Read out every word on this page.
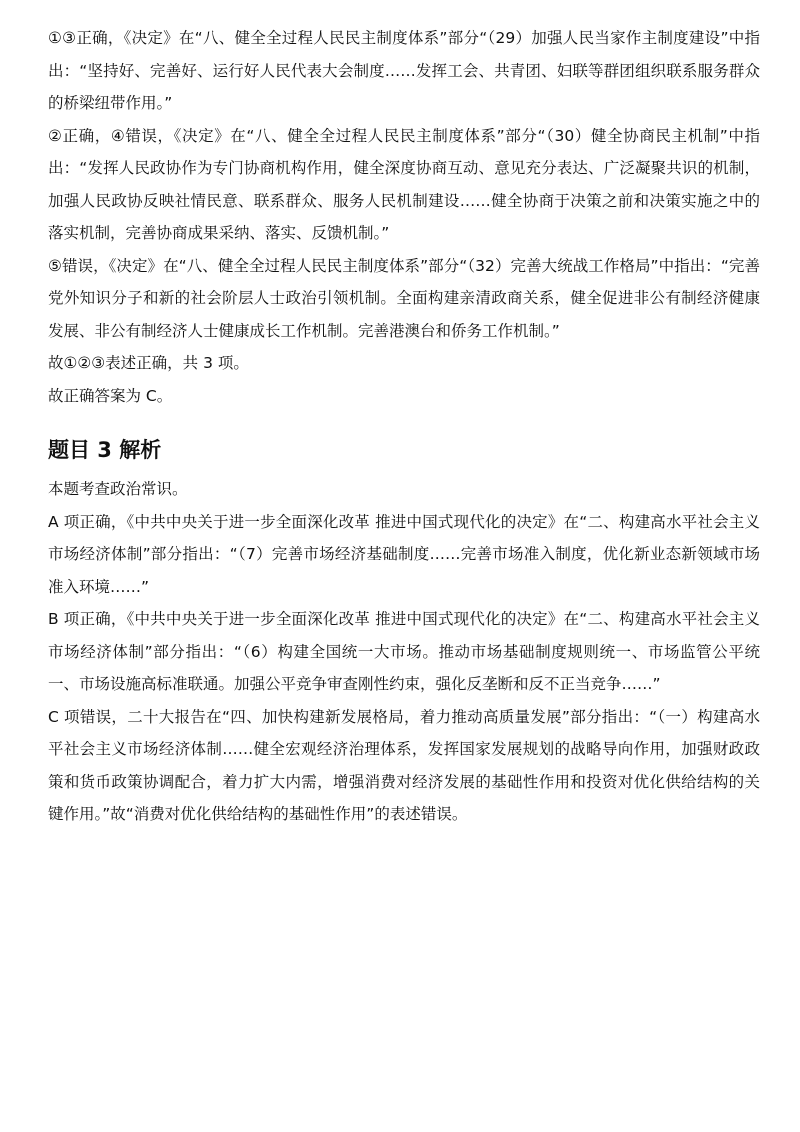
①③正确，《决定》在“八、健全全过程人民民主制度体系”部分“（29）加强人民当家作主制度建设”中指出：“坚持好、完善好、运行好人民代表大会制度……发挥工会、共青团、妇联等群团组织联系服务群众的桥梁纽带作用。”

②正确，④错误，《决定》在“八、健全全过程人民民主制度体系”部分“（30）健全协商民主机制”中指出：“发挥人民政协作为专门协商机构作用，健全深度协商互动、意见充分表达、广泛凝聚共识的机制，加强人民政协反映社情民意、联系群众、服务人民机制建设……健全协商于决策之前和决策实施之中的落实机制，完善协商成果采纳、落实、反馈机制。”

⑤错误，《决定》在“八、健全全过程人民民主制度体系”部分“（32）完善大统战工作格局”中指出：“完善党外知识分子和新的社会阶层人士政治引领机制。全面构建亲清政商关系，健全促进非公有制经济健康发展、非公有制经济人士健康成长工作机制。完善港澳台和侨务工作机制。”

故①②③表述正确，共 3 项。

故正确答案为 C。

题目 3 解析

本题考查政治常识。

A 项正确，《中共中央关于进一步全面深化改革 推进中国式现代化的决定》在“二、构建高水平社会主义市场经济体制”部分指出：“（7）完善市场经济基础制度……完善市场准入制度，优化新业态新领域市场准入环境……”

B 项正确，《中共中央关于进一步全面深化改革 推进中国式现代化的决定》在“二、构建高水平社会主义市场经济体制”部分指出：“（6）构建全国统一大市场。推动市场基础制度规则统一、市场监管公平统一、市场设施高标准联通。加强公平竞争审查刚性约束，强化反垄断和反不正当竞争……”

C 项错误，二十大报告在“四、加快构建新发展格局，着力推动高质量发展”部分指出：“（一）构建高水平社会主义市场经济体制……健全宏观经济治理体系，发挥国家发展规划的战略导向作用，加强财政政策和货币政策协调配合，着力扩大内需，增强消费对经济发展的基础性作用和投资对优化供给结构的关键作用。”故“消费对优化供给结构的基础性作用”的表述错误。
